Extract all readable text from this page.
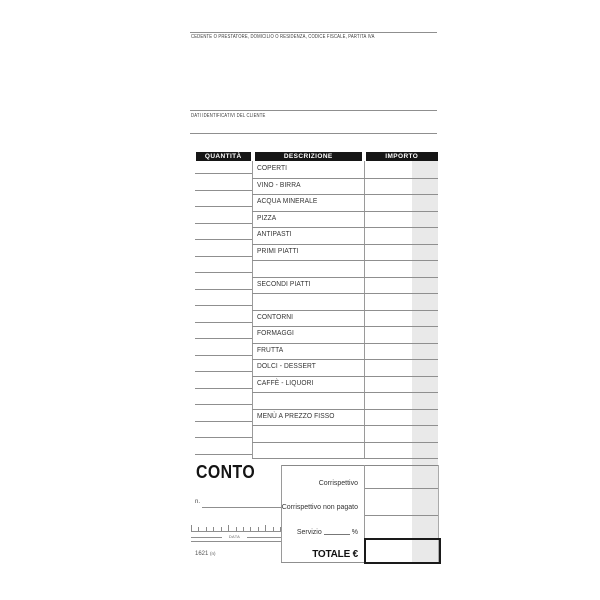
CEDENTE O PRESTATORE, DOMICILIO O RESIDENZA, CODICE FISCALE, PARTITA IVA
DATI IDENTIFICATIVI DEL CLIENTE
QUANTITÀ	DESCRIZIONE	IMPORTO
COPERTI
VINO - BIRRA
ACQUA MINERALE
PIZZA
ANTIPASTI
PRIMI PIATTI
SECONDI PIATTI
CONTORNI
FORMAGGI
FRUTTA
DOLCI - DESSERT
CAFFÈ - LIQUORI
MENÙ A PREZZO FISSO
CONTO
n.
DATA
1621 (n)
Corrispettivo
Corrispettivo non pagato
Servizio	%
TOTALE €
